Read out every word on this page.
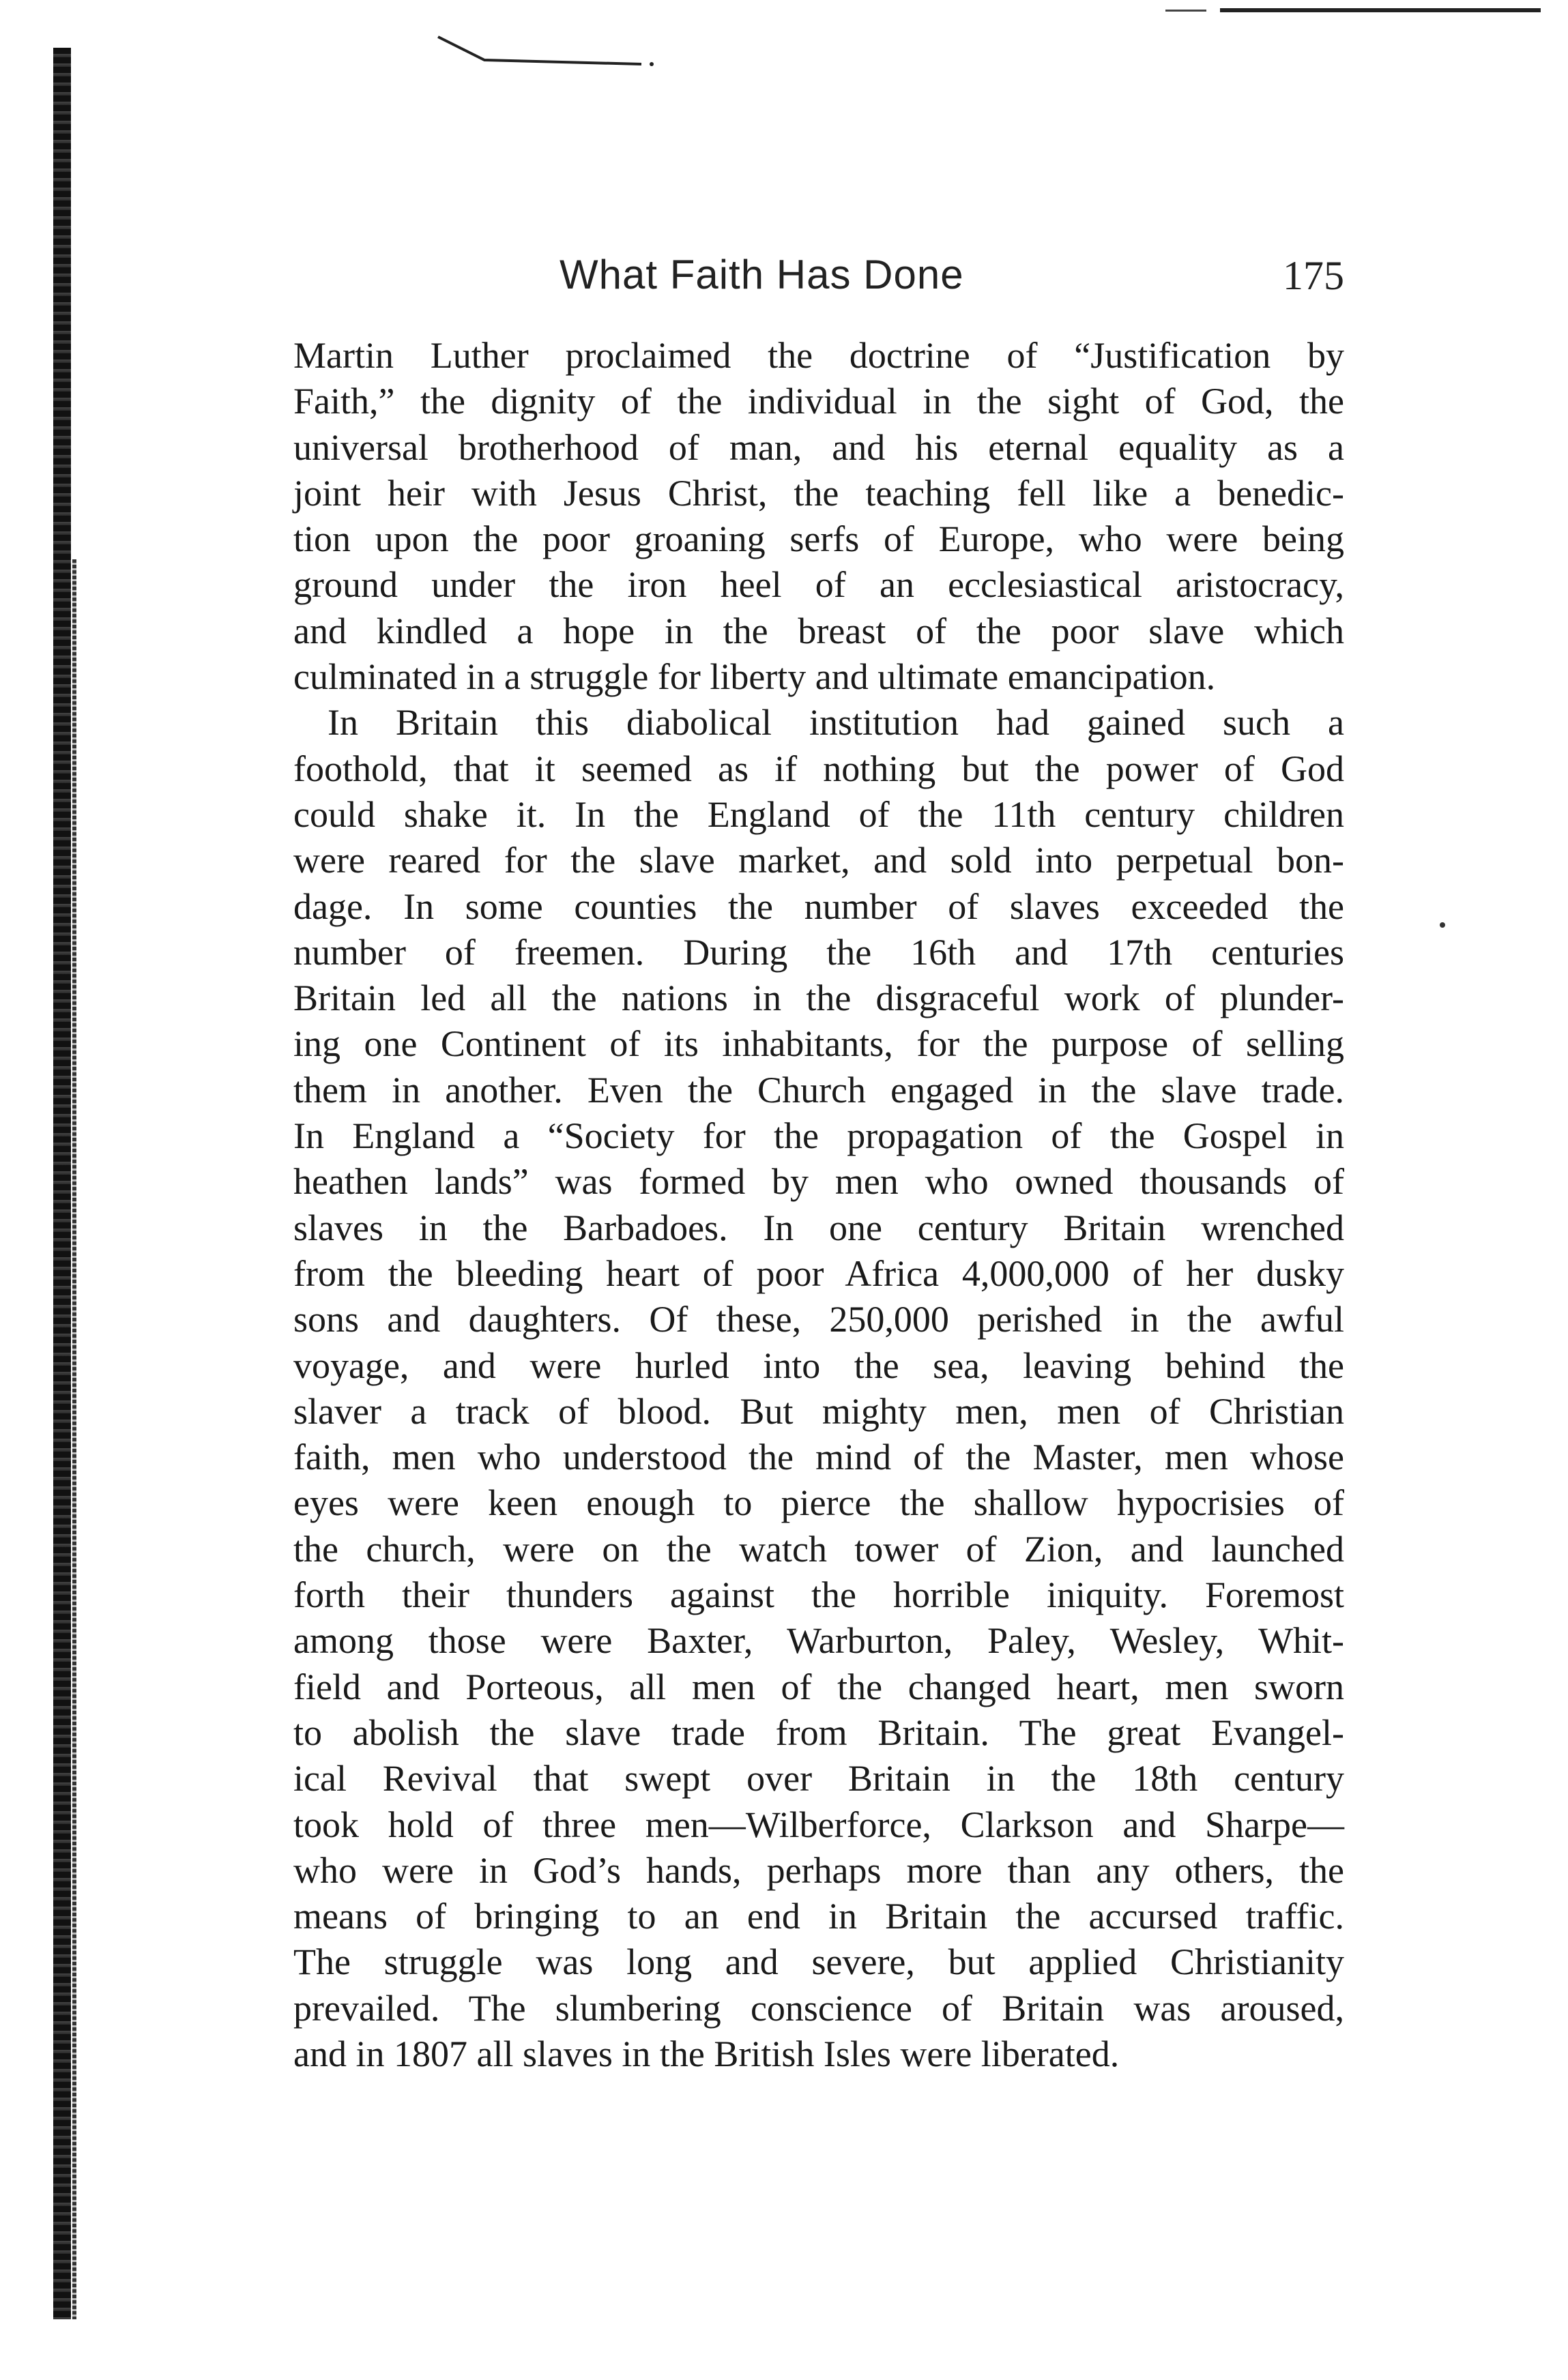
What Faith Has Done	175
Martin Luther proclaimed the doctrine of “Justification by
Faith,” the dignity of the individual in the sight of God, the
universal brotherhood of man, and his eternal equality as a
joint heir with Jesus Christ, the teaching fell like a benedic-
tion upon the poor groaning serfs of Europe, who were being
ground under the iron heel of an ecclesiastical aristocracy,
and kindled a hope in the breast of the poor slave which
culminated in a struggle for liberty and ultimate emancipation.
In Britain this diabolical institution had gained such a
foothold, that it seemed as if nothing but the power of God
could shake it. In the England of the 11th century children
were reared for the slave market, and sold into perpetual bon-
dage. In some counties the number of slaves exceeded the
number of freemen. During the 16th and 17th centuries
Britain led all the nations in the disgraceful work of plunder-
ing one Continent of its inhabitants, for the purpose of selling
them in another. Even the Church engaged in the slave trade.
In England a “Society for the propagation of the Gospel in
heathen lands” was formed by men who owned thousands of
slaves in the Barbadoes. In one century Britain wrenched
from the bleeding heart of poor Africa 4,000,000 of her dusky
sons and daughters. Of these, 250,000 perished in the awful
voyage, and were hurled into the sea, leaving behind the
slaver a track of blood. But mighty men, men of Christian
faith, men who understood the mind of the Master, men whose
eyes were keen enough to pierce the shallow hypocrisies of
the church, were on the watch tower of Zion, and launched
forth their thunders against the horrible iniquity. Foremost
among those were Baxter, Warburton, Paley, Wesley, Whit-
field and Porteous, all men of the changed heart, men sworn
to abolish the slave trade from Britain. The great Evangel-
ical Revival that swept over Britain in the 18th century
took hold of three men—Wilberforce, Clarkson and Sharpe—
who were in God’s hands, perhaps more than any others, the
means of bringing to an end in Britain the accursed traffic.
The struggle was long and severe, but applied Christianity
prevailed. The slumbering conscience of Britain was aroused,
and in 1807 all slaves in the British Isles were liberated.
